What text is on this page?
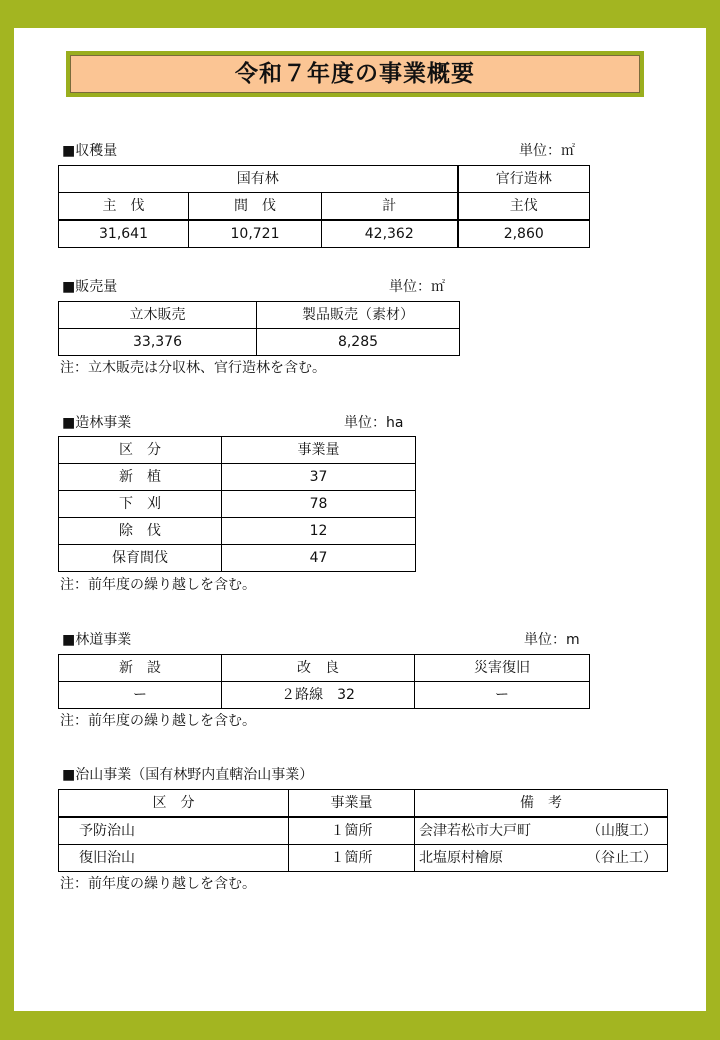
令和７年度の事業概要
■収穫量	単位：㎡
国有林			官行造林
主　伐	間　伐	計	主伐
31,641	10,721	42,362	2,860
■販売量	単位：㎡
立木販売	製品販売（素材）
33,376	8,285
注：立木販売は分収林、官行造林を含む。
■造林事業	単位：ha
区　分	事業量
新　植	37
下　刈	78
除　伐	12
保育間伐	47
注：前年度の繰り越しを含む。
■林道事業	単位：m
新　設	改　良	災害復旧
ー	２路線　32	ー
注：前年度の繰り越しを含む。
■治山事業（国有林野内直轄治山事業）
区　分	事業量	備　考
予防治山	１箇所	会津若松市大戸町 （山腹工）

復旧治山	１箇所	北塩原村檜原 （谷止工）
注：前年度の繰り越しを含む。
